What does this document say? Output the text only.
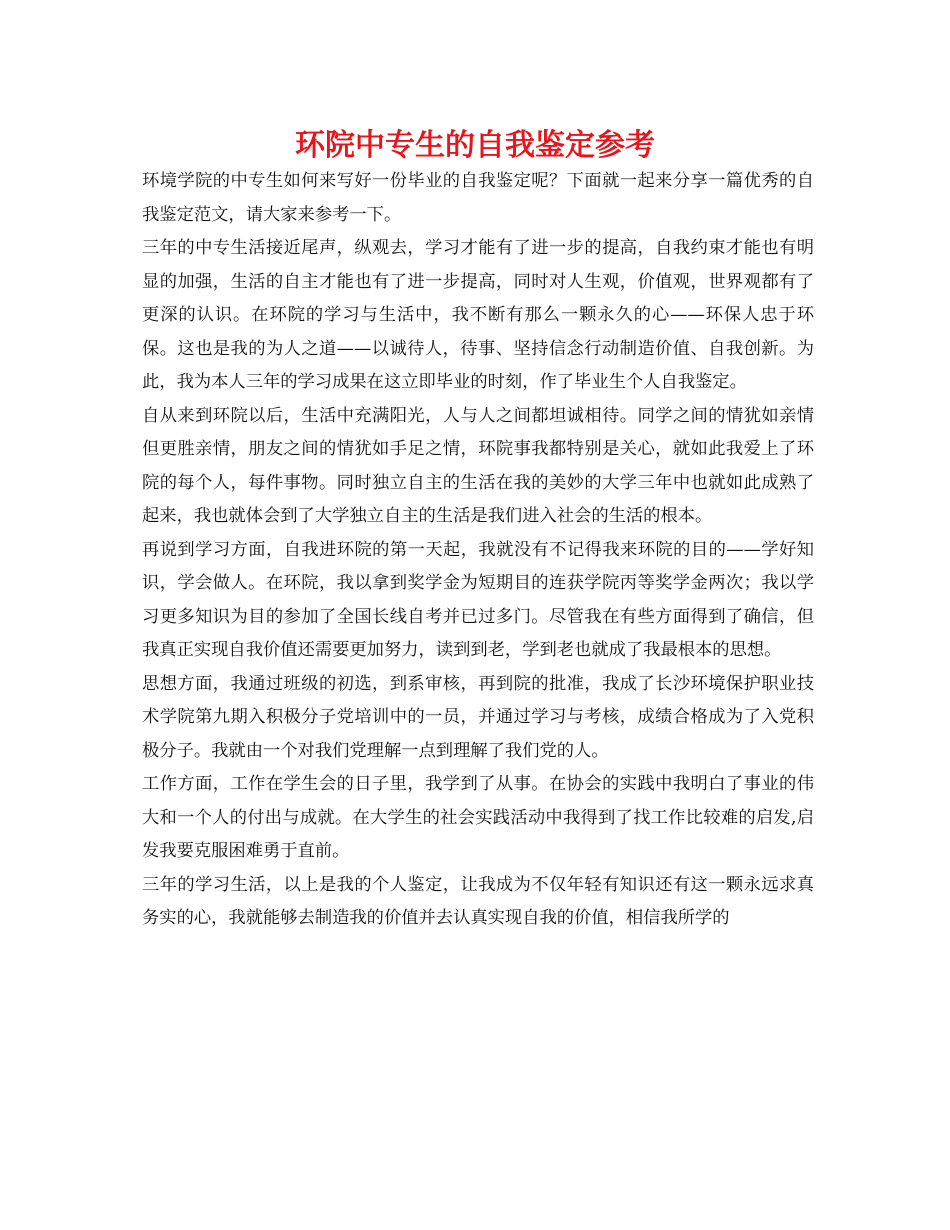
环院中专生的自我鉴定参考

环境学院的中专生如何来写好一份毕业的自我鉴定呢？下面就一起来分享一篇优秀的自我鉴定范文，请大家来参考一下。

三年的中专生活接近尾声，纵观去，学习才能有了进一步的提高，自我约束才能也有明显的加强，生活的自主才能也有了进一步提高，同时对人生观，价值观，世界观都有了更深的认识。在环院的学习与生活中，我不断有那么一颗永久的心——环保人忠于环保。这也是我的为人之道——以诚待人，待事、坚持信念行动制造价值、自我创新。为此，我为本人三年的学习成果在这立即毕业的时刻，作了毕业生个人自我鉴定。

自从来到环院以后，生活中充满阳光，人与人之间都坦诚相待。同学之间的情犹如亲情但更胜亲情，朋友之间的情犹如手足之情，环院事我都特别是关心，就如此我爱上了环院的每个人，每件事物。同时独立自主的生活在我的美妙的大学三年中也就如此成熟了起来，我也就体会到了大学独立自主的生活是我们进入社会的生活的根本。

再说到学习方面，自我进环院的第一天起，我就没有不记得我来环院的目的——学好知识，学会做人。在环院，我以拿到奖学金为短期目的连获学院丙等奖学金两次；我以学习更多知识为目的参加了全国长线自考并已过多门。尽管我在有些方面得到了确信，但我真正实现自我价值还需要更加努力，读到到老，学到老也就成了我最根本的思想。

思想方面，我通过班级的初选，到系审核，再到院的批准，我成了长沙环境保护职业技术学院第九期入积极分子党培训中的一员，并通过学习与考核，成绩合格成为了入党积极分子。我就由一个对我们党理解一点到理解了我们党的人。

工作方面，工作在学生会的日子里，我学到了从事。在协会的实践中我明白了事业的伟大和一个人的付出与成就。在大学生的社会实践活动中我得到了找工作比较难的启发,启发我要克服困难勇于直前。

三年的学习生活，以上是我的个人鉴定，让我成为不仅年轻有知识还有这一颗永远求真务实的心，我就能够去制造我的价值并去认真实现自我的价值，相信我所学的
